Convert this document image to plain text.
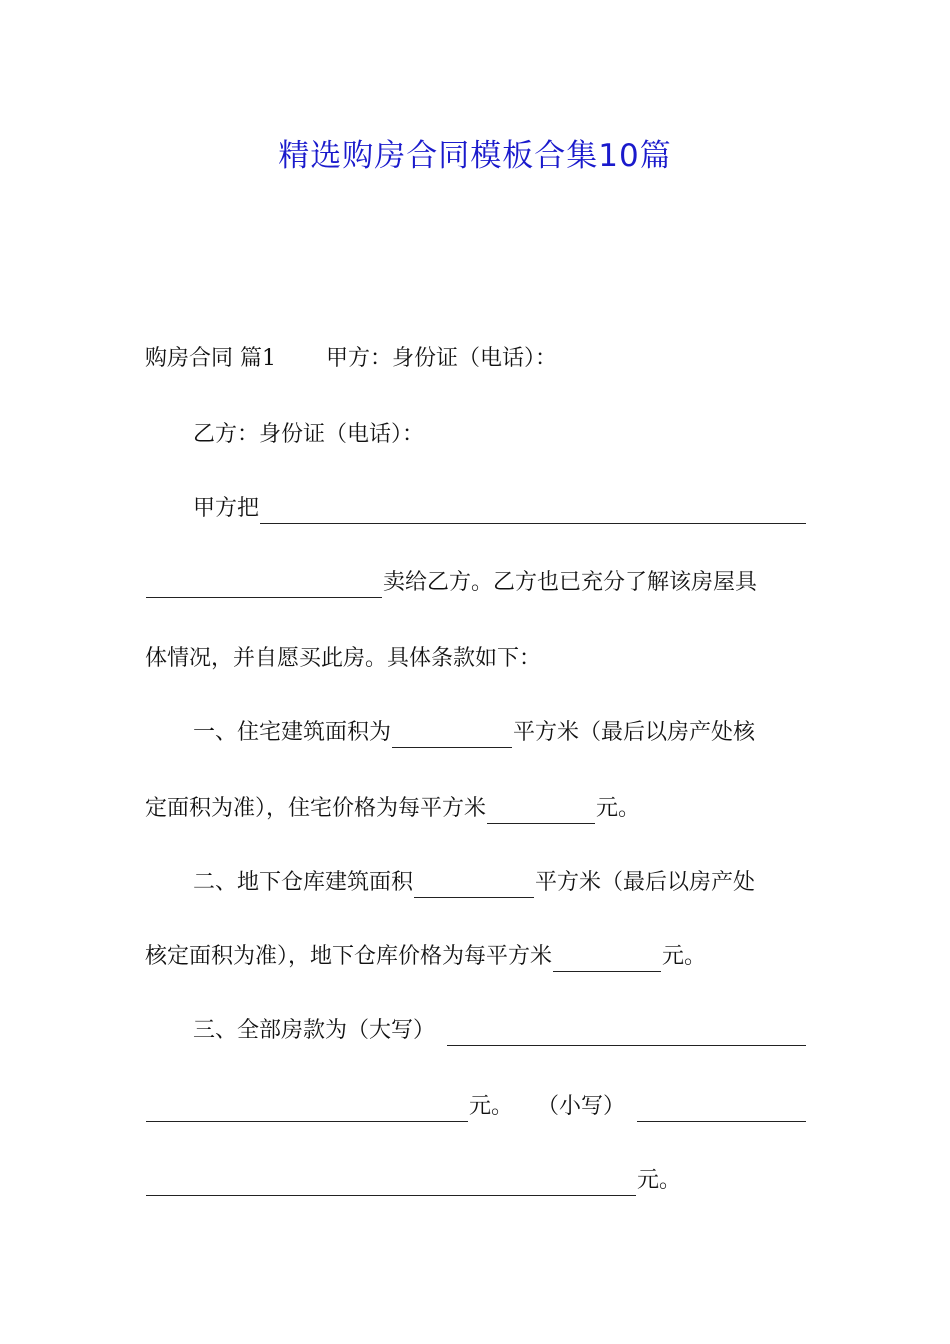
精选购房合同模板合集10篇
购房合同 篇1 甲方：身份证（电话）：
乙方：身份证（电话）：
甲方把
卖给乙方。乙方也已充分了解该房屋具
体情况，并自愿买此房。具体条款如下：
一、住宅建筑面积为	平方米（最后以房产处核
定面积为准），住宅价格为每平方米	元。
二、地下仓库建筑面积	平方米（最后以房产处
核定面积为准），地下仓库价格为每平方米	元。
三、全部房款为（大写）
元。 （小写）
元。
